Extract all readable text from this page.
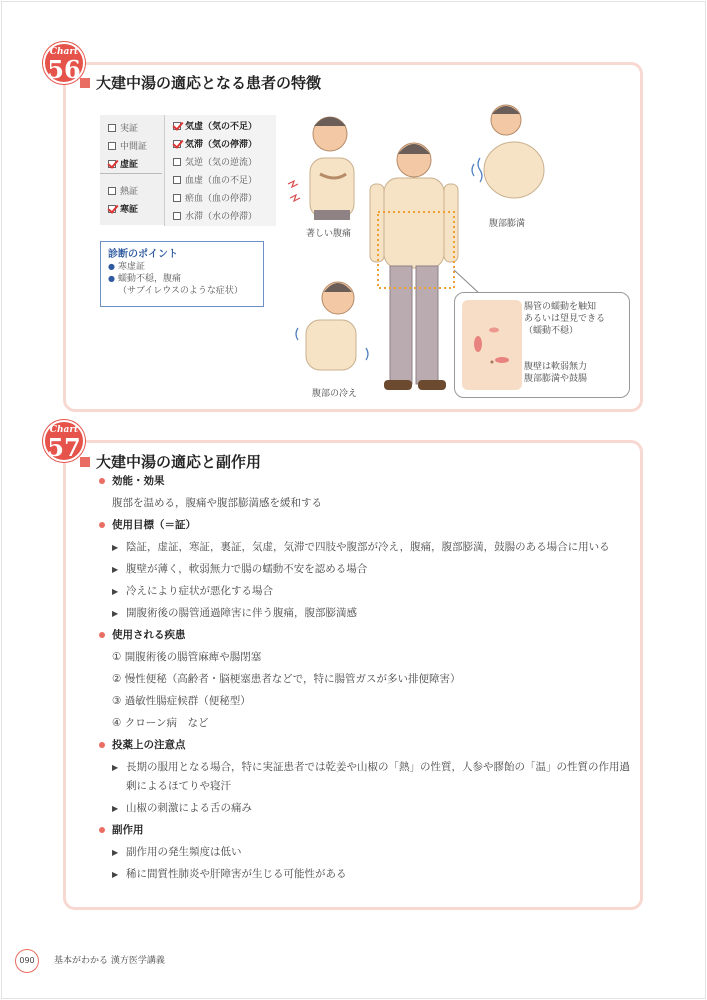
Chart
56 大建中湯の適応となる患者の特徴
実証
中間証
虚証
熱証
寒証
気虚（気の不足）
気滞（気の停滞）
気逆（気の逆流）
血虚（血の不足）
瘀血（血の停滞）
水滞（水の停滞）
診断のポイント
● 寒虚証
● 蠕動不穏，腹痛
（サブイレウスのような症状）
著しい腹痛
腹部膨満
腹部の冷え
腸管の蠕動を触知
あるいは望見できる
（蠕動不穏）
腹壁は軟弱無力
腹部膨満や鼓腸
Chart
57 大建中湯の適応と副作用
効能・効果
腹部を温める，腹痛や腹部膨満感を緩和する
使用目標（＝証）
▶ 陰証，虚証，寒証，裏証，気虚，気滞で四肢や腹部が冷え，腹痛，腹部膨満，鼓腸のある場合に用いる
▶ 腹壁が薄く，軟弱無力で腸の蠕動不安を認める場合
▶ 冷えにより症状が悪化する場合
▶ 開腹術後の腸管通過障害に伴う腹痛，腹部膨満感
使用される疾患
① 開腹術後の腸管麻痺や腸閉塞
② 慢性便秘（高齢者・脳梗塞患者などで，特に腸管ガスが多い排便障害）
③ 過敏性腸症候群（便秘型）
④ クローン病　など
投薬上の注意点
▶ 長期の服用となる場合，特に実証患者では乾姜や山椒の「熱」の性質，人参や膠飴の「温」の性質の作用過剰によるほてりや寝汗
▶ 山椒の刺激による舌の痛み
副作用
▶ 副作用の発生頻度は低い
▶ 稀に間質性肺炎や肝障害が生じる可能性がある
090	基本がわかる 漢方医学講義
